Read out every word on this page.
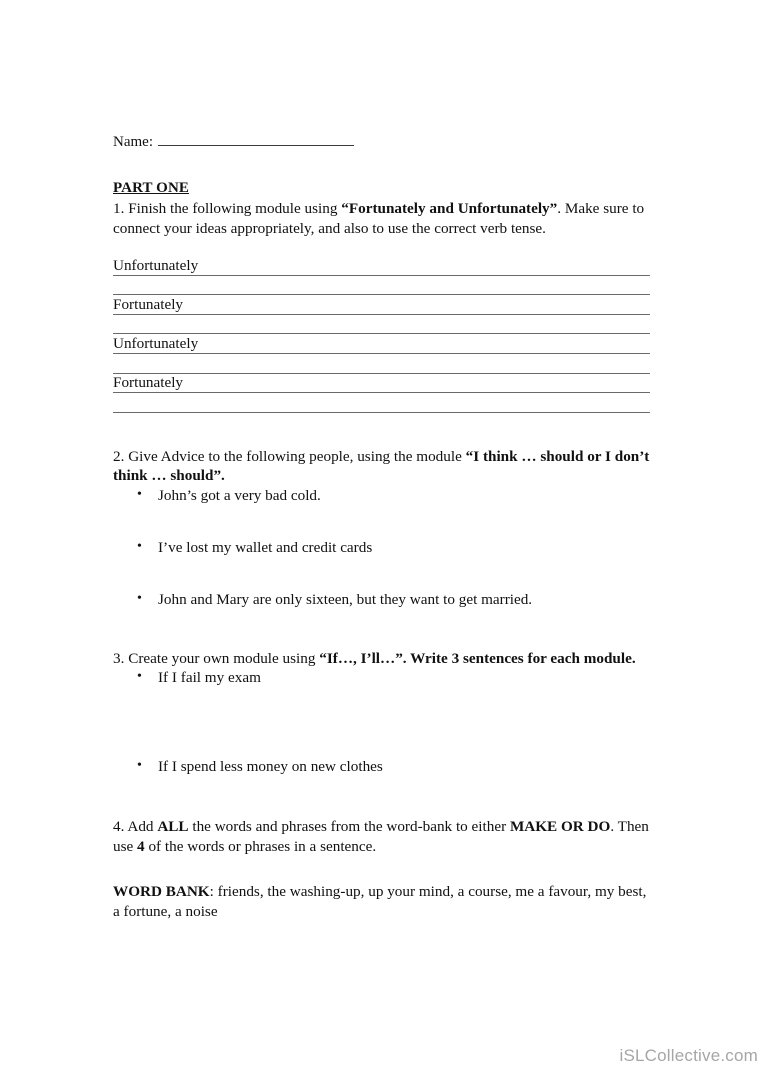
Name:
PART ONE
1. Finish the following module using “Fortunately and Unfortunately”. Make sure to connect your ideas appropriately, and also to use the correct verb tense.
Unfortunately
Fortunately
Unfortunately
Fortunately
2. Give Advice to the following people, using the module “I think … should or I don’t think … should”.
• John’s got a very bad cold.
• I’ve lost my wallet and credit cards
• John and Mary are only sixteen, but they want to get married.
3. Create your own module using “If…, I’ll…”. Write 3 sentences for each module.
• If I fail my exam
• If I spend less money on new clothes
4. Add ALL the words and phrases from the word-bank to either MAKE OR DO. Then use 4 of the words or phrases in a sentence.
WORD BANK: friends, the washing-up, up your mind, a course, me a favour, my best, a fortune, a noise
iSLCollective.com
